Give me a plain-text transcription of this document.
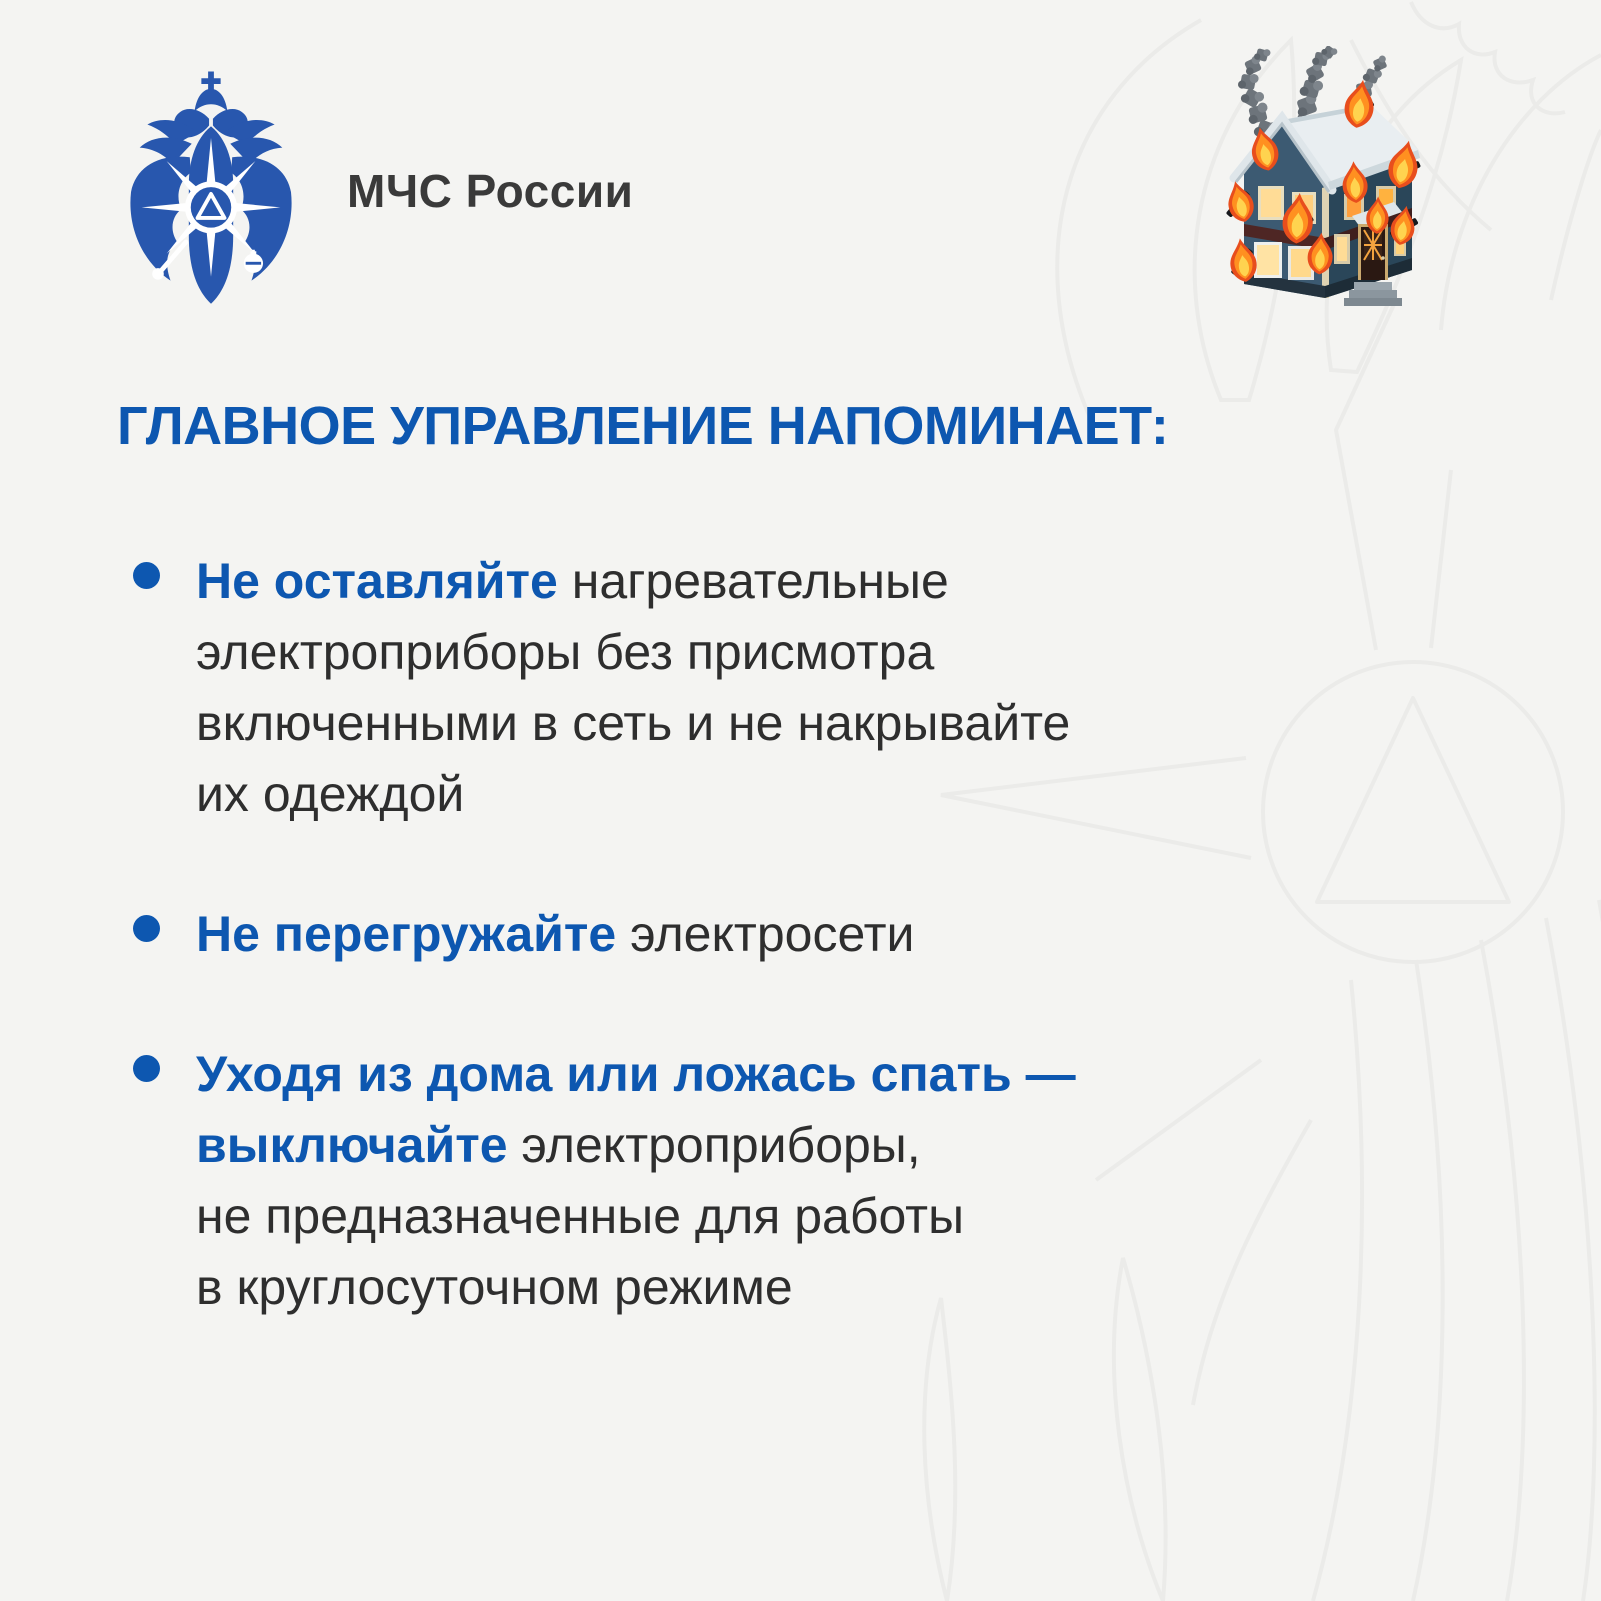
МЧС России
ГЛАВНОЕ УПРАВЛЕНИЕ НАПОМИНАЕТ:
Не оставляйте нагревательные
электроприборы без присмотра
включенными в сеть и не накрывайте
их одеждой
Не перегружайте электросети
Уходя из дома или ложась спать —
выключайте электроприборы,
не предназначенные для работы
в круглосуточном режиме
